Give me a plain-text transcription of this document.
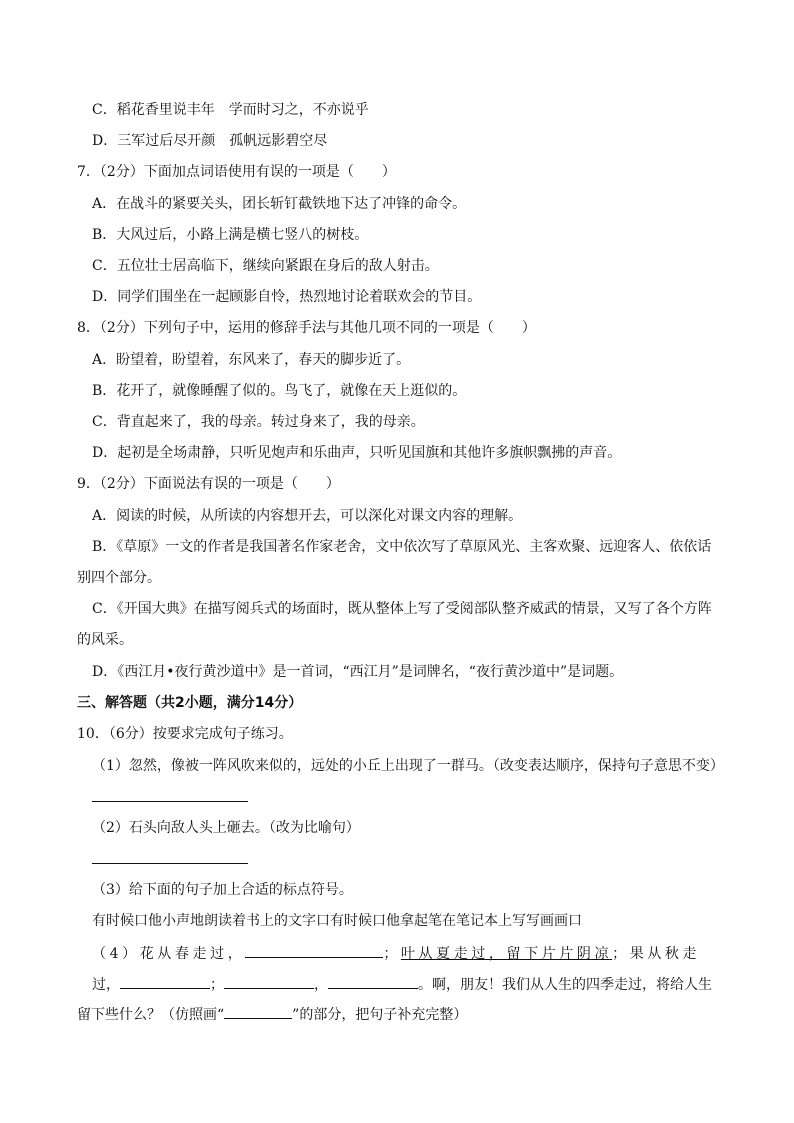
C．稻花香里说丰年　学而时习之，不亦说乎
D．三军过后尽开颜　孤帆远影碧空尽
7．（2分）下面加点词语使用有误的一项是（　　）
A．在战斗的紧要关头，团长斩钉截铁地下达了冲锋的命令。
B．大风过后，小路上满是横七竖八的树枝。
C．五位壮士居高临下，继续向紧跟在身后的敌人射击。
D．同学们围坐在一起顾影自怜，热烈地讨论着联欢会的节目。
8．（2分）下列句子中，运用的修辞手法与其他几项不同的一项是（　　）
A．盼望着，盼望着，东风来了，春天的脚步近了。
B．花开了，就像睡醒了似的。鸟飞了，就像在天上逛似的。
C．背直起来了，我的母亲。转过身来了，我的母亲。
D．起初是全场肃静，只听见炮声和乐曲声，只听见国旗和其他许多旗帜飘拂的声音。
9．（2分）下面说法有误的一项是（　　）
A．阅读的时候，从所读的内容想开去，可以深化对课文内容的理解。
B．《草原》一文的作者是我国著名作家老舍，文中依次写了草原风光、主客欢聚、远迎客人、依依话
别四个部分。
C．《开国大典》在描写阅兵式的场面时，既从整体上写了受阅部队整齐威武的情景，又写了各个方阵
的风采。
D．《西江月•夜行黄沙道中》是一首词，“西江月”是词牌名，“夜行黄沙道中”是词题。
三、解答题（共2小题，满分14分）
10．（6分）按要求完成句子练习。
（1）忽然，像被一阵风吹来似的，远处的小丘上出现了一群马。（改变表达顺序，保持句子意思不变）
（2）石头向敌人头上砸去。（改为比喻句）
（3）给下面的句子加上合适的标点符号。
有时候口他小声地朗读着书上的文字口有时候口他拿起笔在笔记本上写写画画口
（4）花从春走过，	；叶从夏走过，留下片片阴凉；果从秋走
过，	；	，	。啊，朋友！我们从人生的四季走过，将给人生
留下些什么？（仿照画“	”的部分，把句子补充完整）
